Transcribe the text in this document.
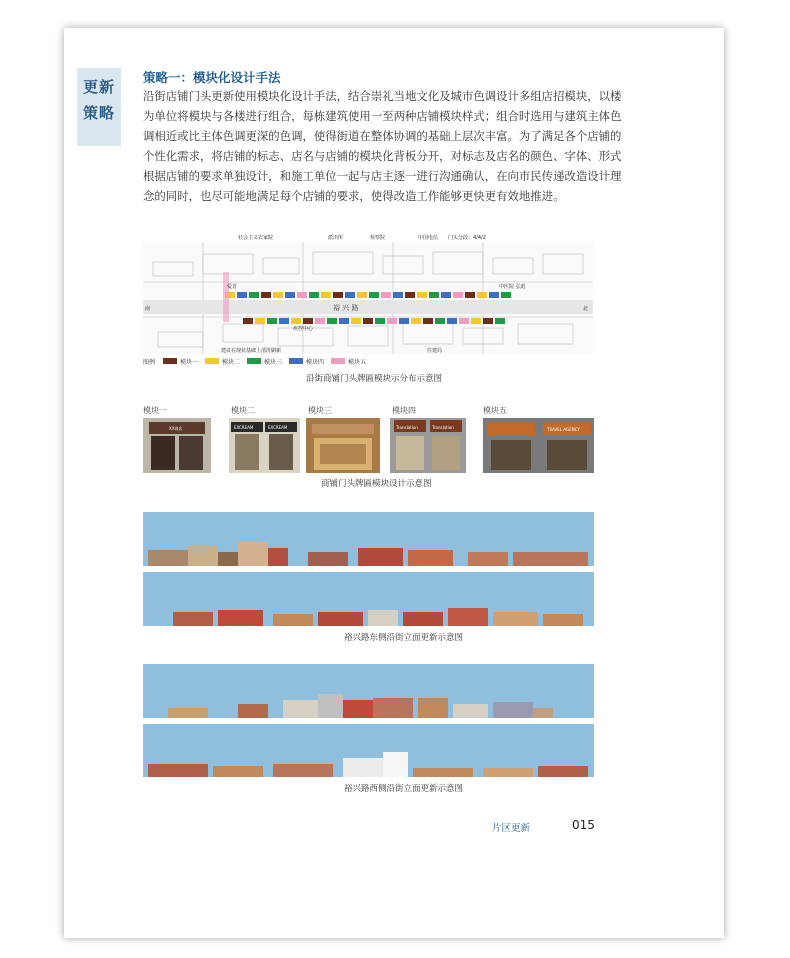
更新
策略
策略一：模块化设计手法
沿街店铺门头更新使用模块化设计手法，结合崇礼当地文化及城市色调设计多组店招模块，以楼
为单位将模块与各楼进行组合，每栋建筑使用一至两种店铺模块样式；组合时选用与建筑主体色
调相近或比主体色调更深的色调，使得街道在整体协调的基础上层次丰富。为了满足各个店铺的
个性化需求，将店铺的标志、店名与店铺的模块化背板分开，对标志及店名的颜色、字体、形式
根据店铺的要求单独设计，和施工单位一起与店主逐一进行沟通确认，在向市民传递改造设计理
念的同时，也尽可能地满足每个店铺的要求，使得改造工作能够更快更有效地推进。
社会主义农家院	派出所	检察院	中国电信 门头分段：4/4/2
南	北
爱晋	中医院 弘彪
疾控中心
建议在现状基础上清洗刷新	住建局
裕 兴 路
图例	模块一	模块二	模块三	模块四	模块五
沿街商铺门头牌匾模块示分布示意图
模块一	模块二	模块三	模块四	模块五
XX商店	EXCREAM	EXCREAM	Translation	Translation	TRAVEL AGENCY
商铺门头牌匾模块设计示意图
裕兴路东侧沿街立面更新示意图
裕兴路西侧沿街立面更新示意图
片区更新	015
